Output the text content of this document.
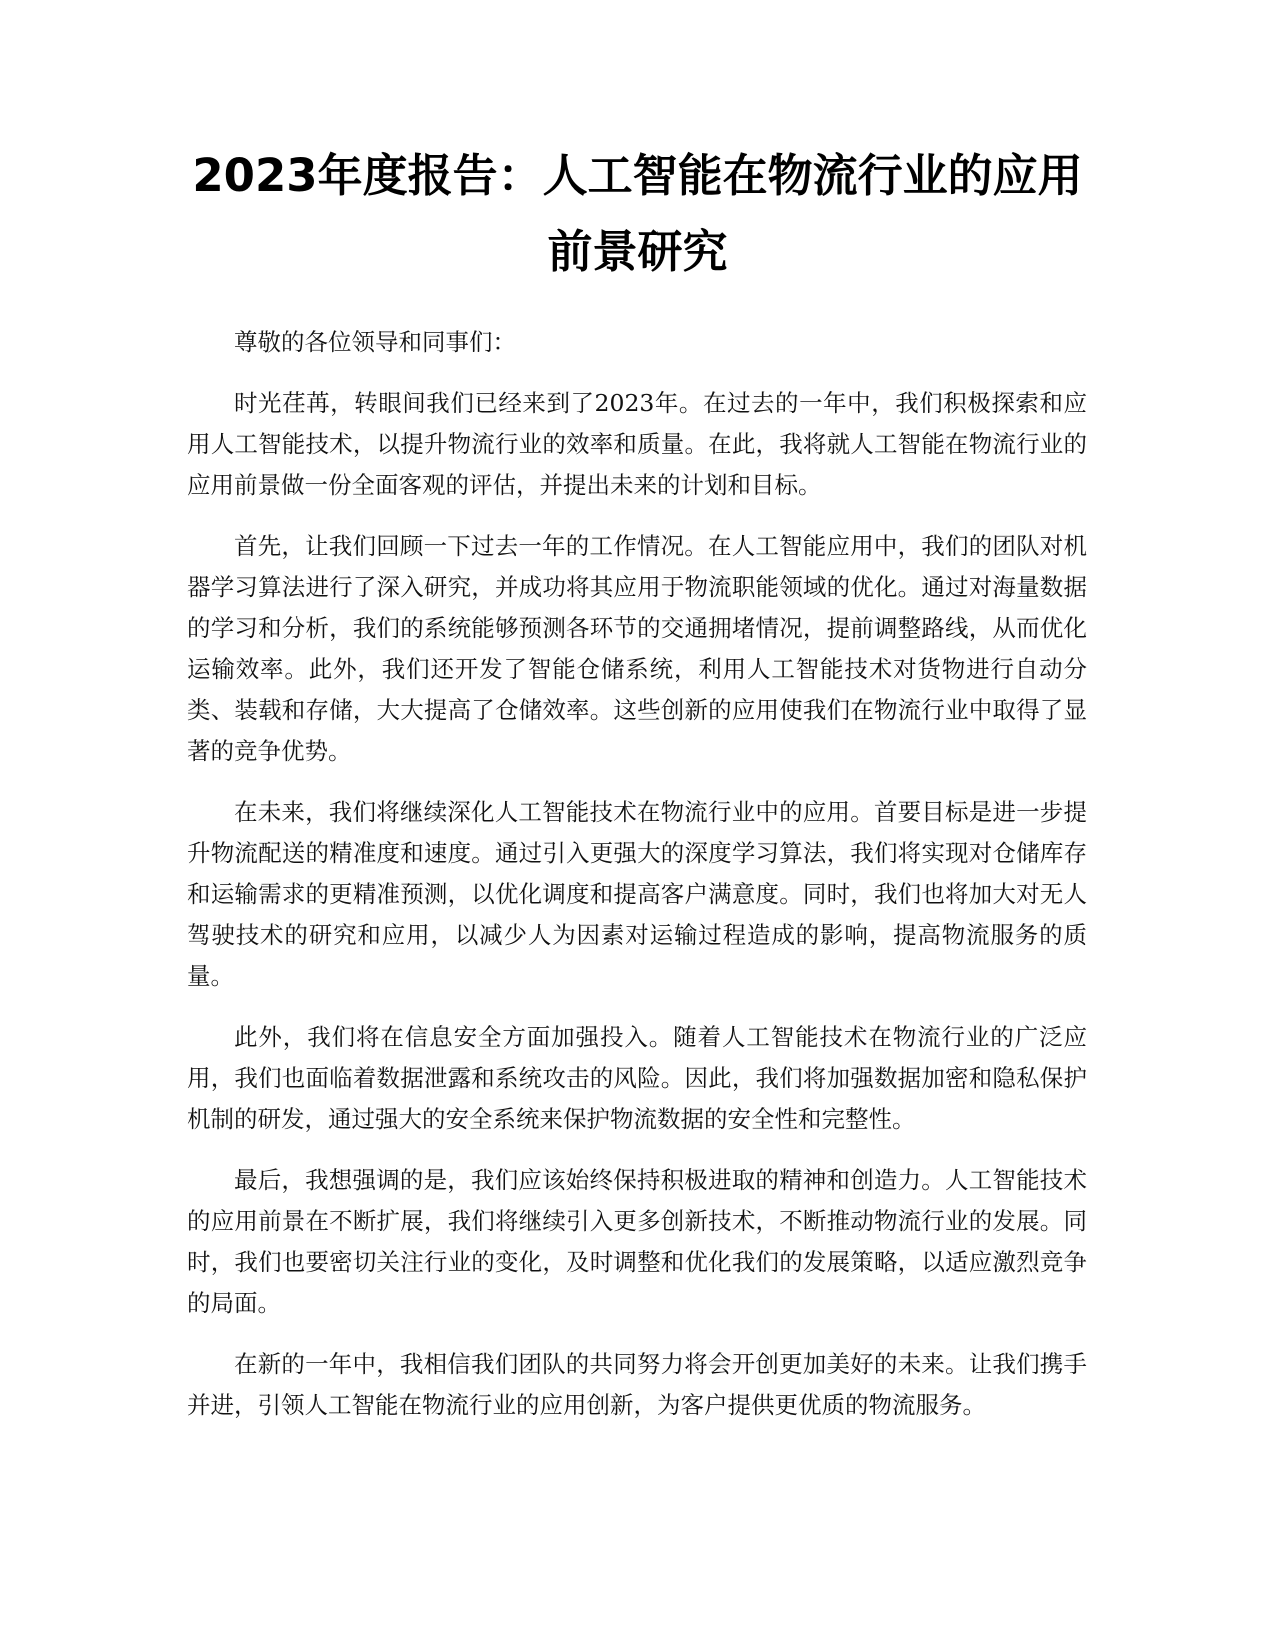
2023年度报告：人工智能在物流行业的应用
前景研究

尊敬的各位领导和同事们：

时光荏苒，转眼间我们已经来到了2023年。在过去的一年中，我们积极探索和应用人工智能技术，以提升物流行业的效率和质量。在此，我将就人工智能在物流行业的应用前景做一份全面客观的评估，并提出未来的计划和目标。

首先，让我们回顾一下过去一年的工作情况。在人工智能应用中，我们的团队对机器学习算法进行了深入研究，并成功将其应用于物流职能领域的优化。通过对海量数据的学习和分析，我们的系统能够预测各环节的交通拥堵情况，提前调整路线，从而优化运输效率。此外，我们还开发了智能仓储系统，利用人工智能技术对货物进行自动分类、装载和存储，大大提高了仓储效率。这些创新的应用使我们在物流行业中取得了显著的竞争优势。

在未来，我们将继续深化人工智能技术在物流行业中的应用。首要目标是进一步提升物流配送的精准度和速度。通过引入更强大的深度学习算法，我们将实现对仓储库存和运输需求的更精准预测，以优化调度和提高客户满意度。同时，我们也将加大对无人驾驶技术的研究和应用，以减少人为因素对运输过程造成的影响，提高物流服务的质量。

此外，我们将在信息安全方面加强投入。随着人工智能技术在物流行业的广泛应用，我们也面临着数据泄露和系统攻击的风险。因此，我们将加强数据加密和隐私保护机制的研发，通过强大的安全系统来保护物流数据的安全性和完整性。

最后，我想强调的是，我们应该始终保持积极进取的精神和创造力。人工智能技术的应用前景在不断扩展，我们将继续引入更多创新技术，不断推动物流行业的发展。同时，我们也要密切关注行业的变化，及时调整和优化我们的发展策略，以适应激烈竞争的局面。

在新的一年中，我相信我们团队的共同努力将会开创更加美好的未来。让我们携手并进，引领人工智能在物流行业的应用创新，为客户提供更优质的物流服务。
